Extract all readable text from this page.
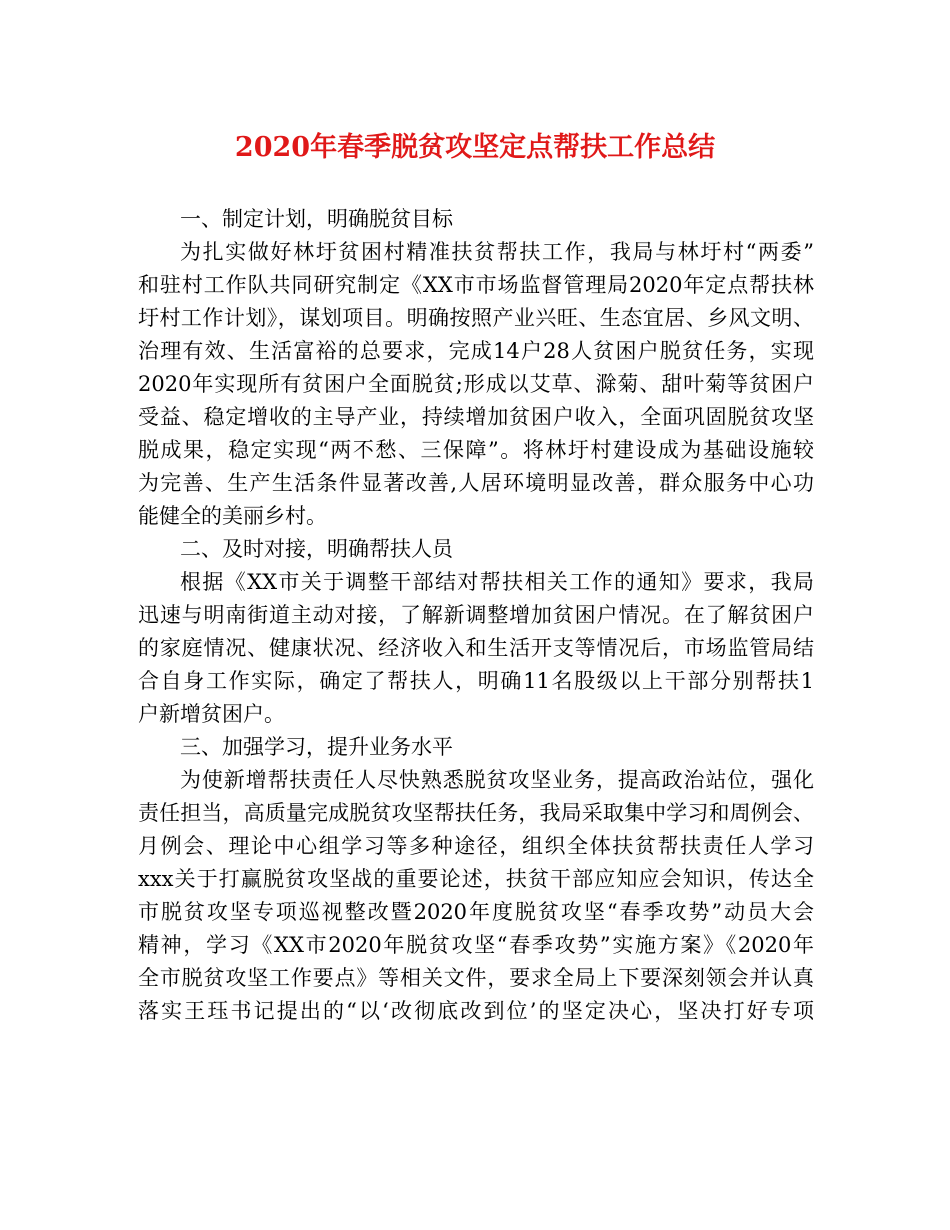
2020年春季脱贫攻坚定点帮扶工作总结
一、制定计划，明确脱贫目标
为扎实做好林圩贫困村精准扶贫帮扶工作，我局与林圩村“两委”
和驻村工作队共同研究制定《XX市市场监督管理局2020年定点帮扶林
圩村工作计划》，谋划项目。明确按照产业兴旺、生态宜居、乡风文明、
治理有效、生活富裕的总要求，完成14户28人贫困户脱贫任务，实现
2020年实现所有贫困户全面脱贫;形成以艾草、滁菊、甜叶菊等贫困户
受益、稳定增收的主导产业，持续增加贫困户收入，全面巩固脱贫攻坚
脱成果，稳定实现“两不愁、三保障”。将林圩村建设成为基础设施较
为完善、生产生活条件显著改善,人居环境明显改善，群众服务中心功
能健全的美丽乡村。
二、及时对接，明确帮扶人员
根据《XX市关于调整干部结对帮扶相关工作的通知》要求，我局
迅速与明南街道主动对接，了解新调整增加贫困户情况。在了解贫困户
的家庭情况、健康状况、经济收入和生活开支等情况后，市场监管局结
合自身工作实际，确定了帮扶人，明确11名股级以上干部分别帮扶1
户新增贫困户。
三、加强学习，提升业务水平
为使新增帮扶责任人尽快熟悉脱贫攻坚业务，提高政治站位，强化
责任担当，高质量完成脱贫攻坚帮扶任务，我局采取集中学习和周例会、
月例会、理论中心组学习等多种途径，组织全体扶贫帮扶责任人学习
xxx关于打赢脱贫攻坚战的重要论述，扶贫干部应知应会知识，传达全
市脱贫攻坚专项巡视整改暨2020年度脱贫攻坚“春季攻势”动员大会
精神，学习《XX市2020年脱贫攻坚“春季攻势”实施方案》《2020年
全市脱贫攻坚工作要点》等相关文件，要求全局上下要深刻领会并认真
落实王珏书记提出的“以‘改彻底改到位’的坚定决心，坚决打好专项
